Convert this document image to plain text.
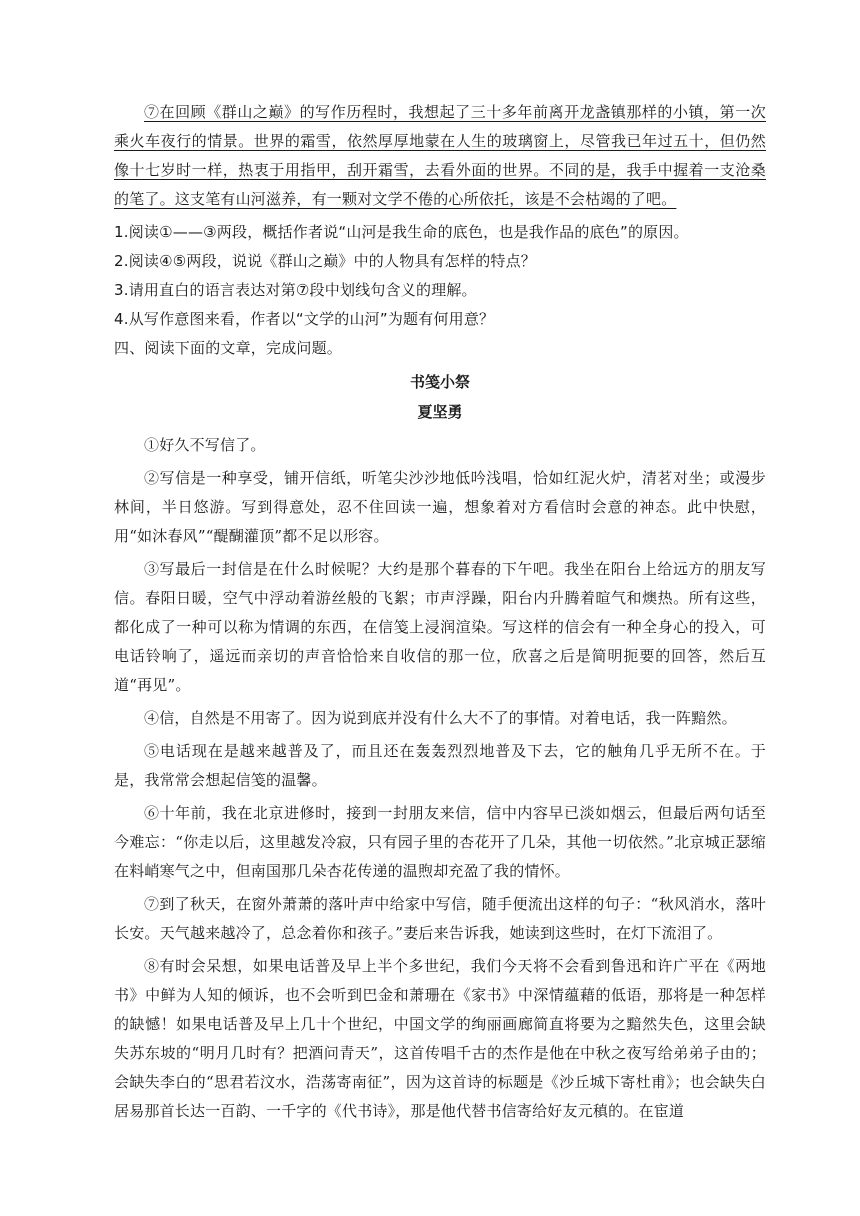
⑦在回顾《群山之巅》的写作历程时，我想起了三十多年前离开龙盏镇那样的小镇，第一次乘火车夜行的情景。世界的霜雪，依然厚厚地蒙在人生的玻璃窗上，尽管我已年过五十，但仍然像十七岁时一样，热衷于用指甲，刮开霜雪，去看外面的世界。不同的是，我手中握着一支沧桑的笔了。这支笔有山河滋养，有一颗对文学不倦的心所依托，该是不会枯竭的了吧。

1.阅读①——③两段，概括作者说“山河是我生命的底色，也是我作品的底色”的原因。

2.阅读④⑤两段，说说《群山之巅》中的人物具有怎样的特点？

3.请用直白的语言表达对第⑦段中划线句含义的理解。

4.从写作意图来看，作者以“文学的山河”为题有何用意？

四、阅读下面的文章，完成问题。

书笺小祭
夏坚勇

①好久不写信了。

②写信是一种享受，铺开信纸，听笔尖沙沙地低吟浅唱，恰如红泥火炉，清茗对坐；或漫步林间，半日悠游。写到得意处，忍不住回读一遍，想象着对方看信时会意的神态。此中快慰，用“如沐春风”“醍醐灌顶”都不足以形容。

③写最后一封信是在什么时候呢？大约是那个暮春的下午吧。我坐在阳台上给远方的朋友写信。春阳日暖，空气中浮动着游丝般的飞絮；市声浮躁，阳台内升腾着暄气和燠热。所有这些，都化成了一种可以称为情调的东西，在信笺上浸润渲染。写这样的信会有一种全身心的投入，可电话铃响了，遥远而亲切的声音恰恰来自收信的那一位，欣喜之后是简明扼要的回答，然后互道“再见”。

④信，自然是不用寄了。因为说到底并没有什么大不了的事情。对着电话，我一阵黯然。

⑤电话现在是越来越普及了，而且还在轰轰烈烈地普及下去，它的触角几乎无所不在。于是，我常常会想起信笺的温馨。

⑥十年前，我在北京进修时，接到一封朋友来信，信中内容早已淡如烟云，但最后两句话至今难忘：“你走以后，这里越发冷寂，只有园子里的杏花开了几朵，其他一切依然。”北京城正瑟缩在料峭寒气之中，但南国那几朵杏花传递的温煦却充盈了我的情怀。

⑦到了秋天，在窗外萧萧的落叶声中给家中写信，随手便流出这样的句子：“秋风消水，落叶长安。天气越来越冷了，总念着你和孩子。”妻后来告诉我，她读到这些时，在灯下流泪了。

⑧有时会呆想，如果电话普及早上半个多世纪，我们今天将不会看到鲁迅和许广平在《两地书》中鲜为人知的倾诉，也不会听到巴金和萧珊在《家书》中深情蕴藉的低语，那将是一种怎样的缺憾！如果电话普及早上几十个世纪，中国文学的绚丽画廊简直将要为之黯然失色，这里会缺失苏东坡的“明月几时有？把酒问青天”，这首传唱千古的杰作是他在中秋之夜写给弟弟子由的；会缺失李白的“思君若汶水，浩荡寄南征”，因为这首诗的标题是《沙丘城下寄杜甫》；也会缺失白居易那首长达一百韵、一千字的《代书诗》，那是他代替书信寄给好友元稹的。在宦道
